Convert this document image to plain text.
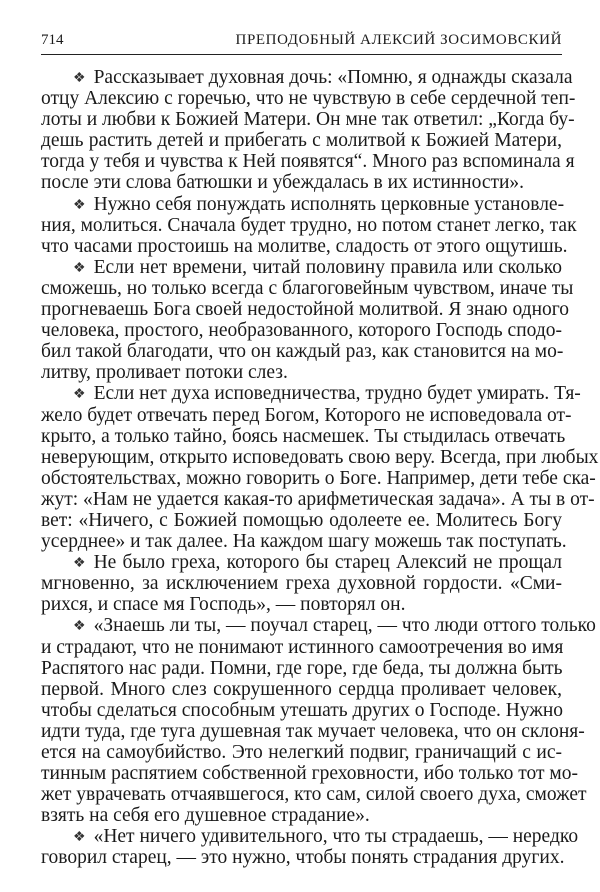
714	ПРЕПОДОБНЫЙ АЛЕКСИЙ ЗОСИМОВСКИЙ
❖ Рассказывает духовная дочь: «Помню, я однажды сказала
отцу Алексию с горечью, что не чувствую в себе сердечной теп-
лоты и любви к Божией Матери. Он мне так ответил: „Когда бу-
дешь растить детей и прибегать с молитвой к Божией Матери,
тогда у тебя и чувства к Ней появятся“. Много раз вспоминала я
после эти слова батюшки и убеждалась в их истинности».
❖ Нужно себя понуждать исполнять церковные установле-
ния, молиться. Сначала будет трудно, но потом станет легко, так
что часами простоишь на молитве, сладость от этого ощутишь.
❖ Если нет времени, читай половину правила или сколько
сможешь, но только всегда с благоговейным чувством, иначе ты
прогневаешь Бога своей недостойной молитвой. Я знаю одного
человека, простого, необразованного, которого Господь сподо-
бил такой благодати, что он каждый раз, как становится на мо-
литву, проливает потоки слез.
❖ Если нет духа исповедничества, трудно будет умирать. Тя-
жело будет отвечать перед Богом, Которого не исповедовала от-
крыто, а только тайно, боясь насмешек. Ты стыдилась отвечать
неверующим, открыто исповедовать свою веру. Всегда, при любых
обстоятельствах, можно говорить о Боге. Например, дети тебе ска-
жут: «Нам не удается какая-то арифметическая задача». А ты в от-
вет: «Ничего, с Божией помощью одолеете ее. Молитесь Богу
усерднее» и так далее. На каждом шагу можешь так поступать.
❖ Не было греха, которого бы старец Алексий не прощал
мгновенно, за исключением греха духовной гордости. «Сми-
рихся, и спасе мя Господь», — повторял он.
❖ «Знаешь ли ты, — поучал старец, — что люди оттого только
и страдают, что не понимают истинного самоотречения во имя
Распятого нас ради. Помни, где горе, где беда, ты должна быть
первой. Много слез сокрушенного сердца проливает человек,
чтобы сделаться способным утешать других о Господе. Нужно
идти туда, где туга душевная так мучает человека, что он склоня-
ется на самоубийство. Это нелегкий подвиг, граничащий с ис-
тинным распятием собственной греховности, ибо только тот мо-
жет уврачевать отчаявшегося, кто сам, силой своего духа, сможет
взять на себя его душевное страдание».
❖ «Нет ничего удивительного, что ты страдаешь, — нередко
говорил старец, — это нужно, чтобы понять страдания других.
